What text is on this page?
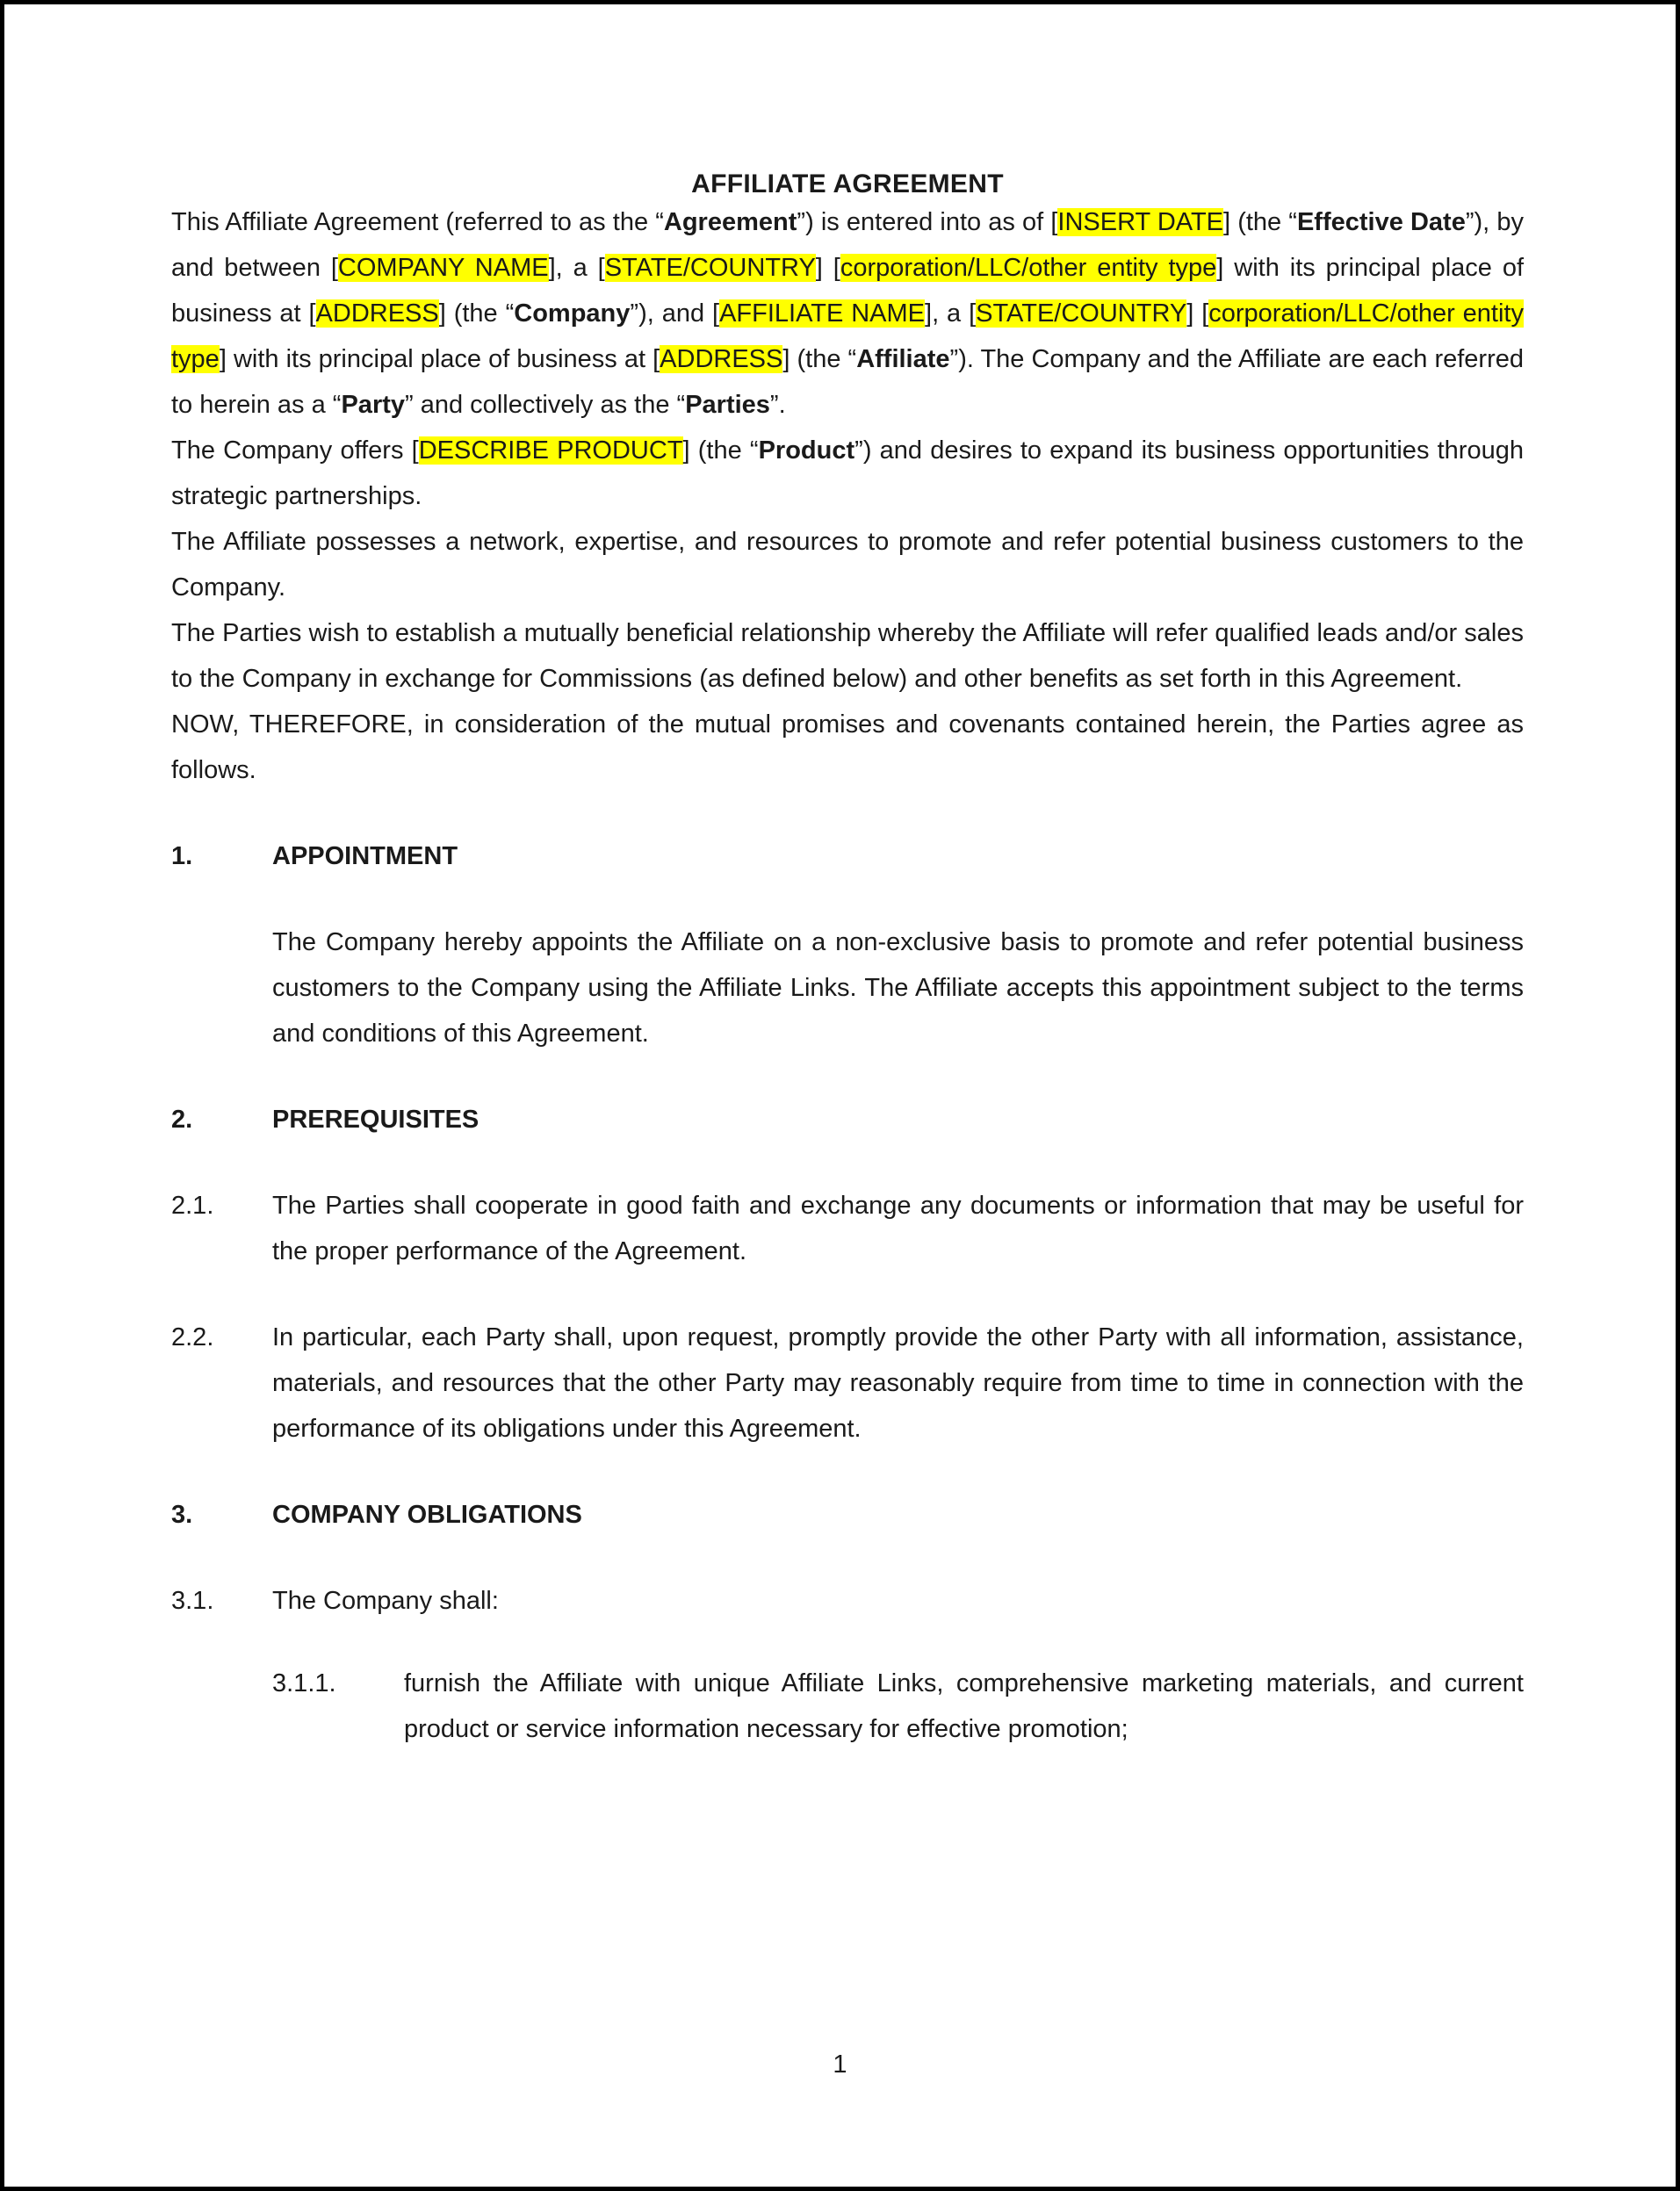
AFFILIATE AGREEMENT

This Affiliate Agreement (referred to as the “Agreement”) is entered into as of [INSERT DATE] (the “Effective Date”), by and between [COMPANY NAME], a [STATE/COUNTRY] [corporation/LLC/other entity type] with its principal place of business at [ADDRESS] (the “Company”), and [AFFILIATE NAME], a [STATE/COUNTRY] [corporation/LLC/other entity type] with its principal place of business at [ADDRESS] (the “Affiliate”). The Company and the Affiliate are each referred to herein as a “Party” and collectively as the “Parties”.

The Company offers [DESCRIBE PRODUCT] (the “Product”) and desires to expand its business opportunities through strategic partnerships.

The Affiliate possesses a network, expertise, and resources to promote and refer potential business customers to the Company.

The Parties wish to establish a mutually beneficial relationship whereby the Affiliate will refer qualified leads and/or sales to the Company in exchange for Commissions (as defined below) and other benefits as set forth in this Agreement.

NOW, THEREFORE, in consideration of the mutual promises and covenants contained herein, the Parties agree as follows.

1.	APPOINTMENT
The Company hereby appoints the Affiliate on a non-exclusive basis to promote and refer potential business customers to the Company using the Affiliate Links. The Affiliate accepts this appointment subject to the terms and conditions of this Agreement.
2.	PREREQUISITES
2.1.	The Parties shall cooperate in good faith and exchange any documents or information that may be useful for the proper performance of the Agreement.
2.2.	In particular, each Party shall, upon request, promptly provide the other Party with all information, assistance, materials, and resources that the other Party may reasonably require from time to time in connection with the performance of its obligations under this Agreement.
3.	COMPANY OBLIGATIONS
3.1.	The Company shall:
3.1.1.	furnish the Affiliate with unique Affiliate Links, comprehensive marketing materials, and current product or service information necessary for effective promotion;
1
